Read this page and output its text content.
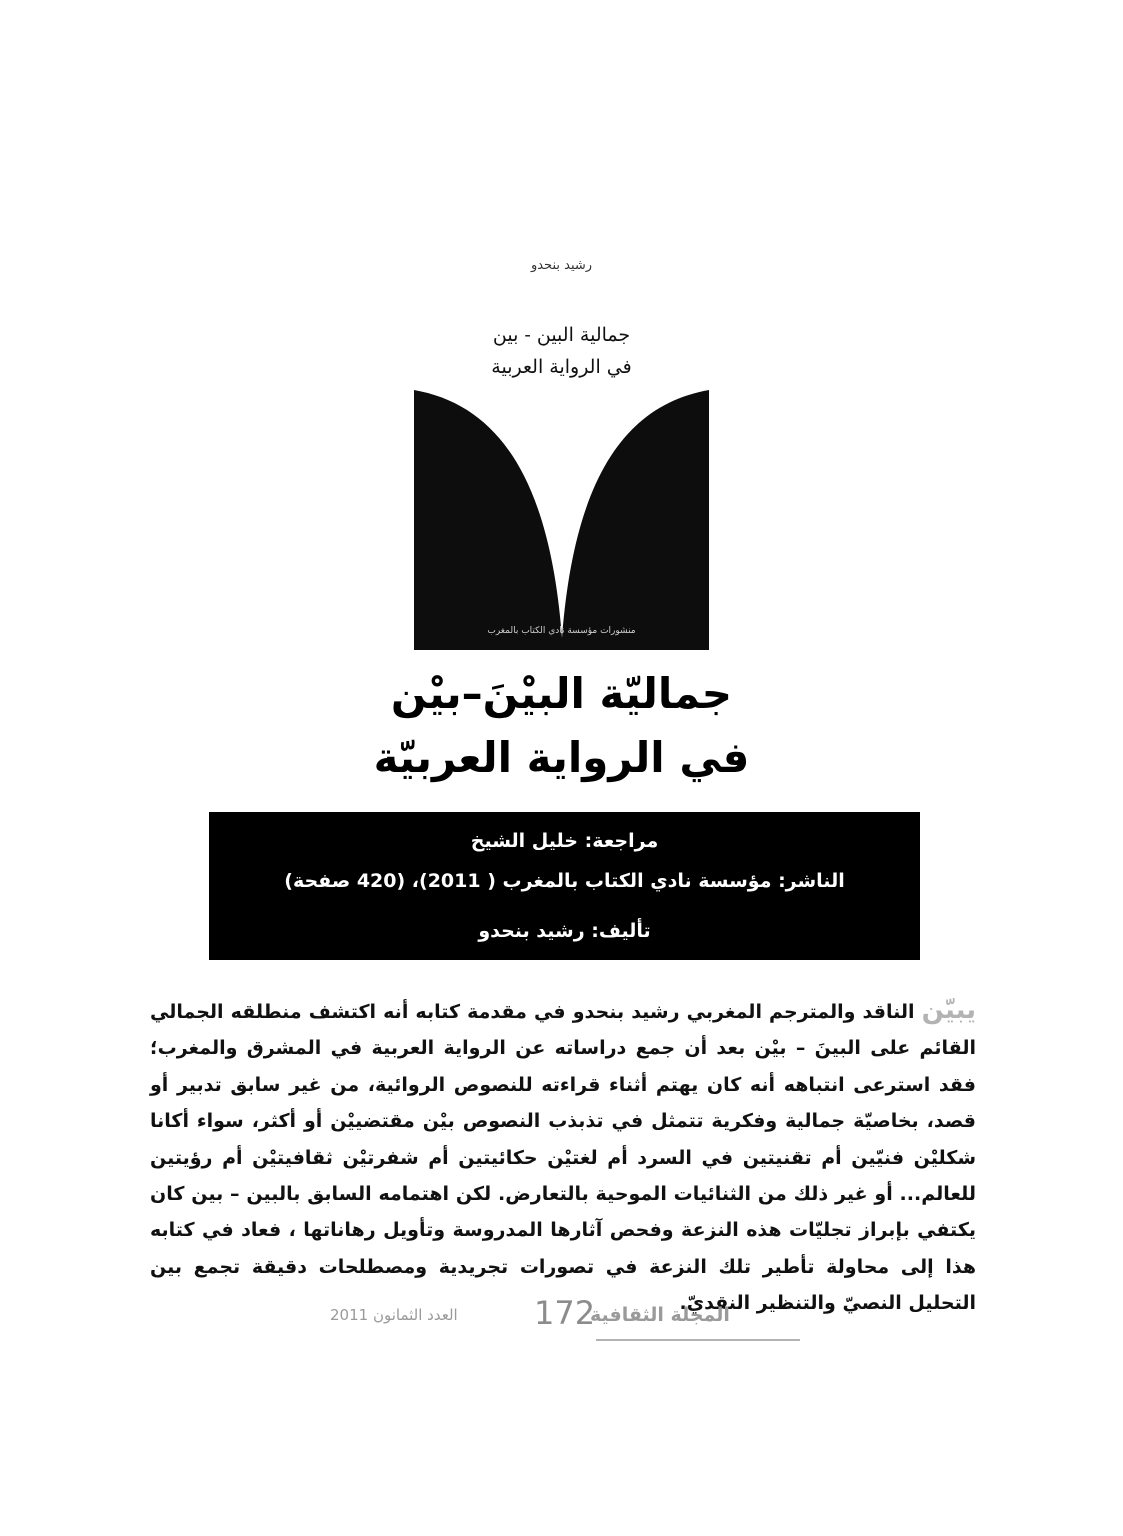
رشيد بنحدو
جمالية البين - بين
في الرواية العربية
منشورات مؤسسة نادي الكتاب بالمغرب
جماليّة البيْنَ–بيْن
في الرواية العربيّة
مراجعة: خليل الشيخ
الناشر: مؤسسة نادي الكتاب بالمغرب ( 2011)، (420 صفحة)
تأليف: رشيد بنحدو
يبيّن الناقد والمترجم المغربي رشيد بنحدو في مقدمة كتابه أنه اكتشف منطلقه الجمالي القائم على البينَ – بيْن بعد أن جمع دراساته عن الرواية العربية في المشرق والمغرب؛ فقد استرعى انتباهه أنه كان يهتم أثناء قراءته للنصوص الروائية، من غير سابق تدبير أو قصد، بخاصيّة جمالية وفكرية تتمثل في تذبذب النصوص بيْن مقتضييْن أو أكثر، سواء أكانا شكليْن فنيّين أم تقنيتين في السرد أم لغتيْن حكائيتين أم شفرتيْن ثقافيتيْن أم رؤيتين للعالم... أو غير ذلك من الثنائيات الموحية بالتعارض. لكن اهتمامه السابق بالبين – بين كان يكتفي بإبراز تجليّات هذه النزعة وفحص آثارها المدروسة وتأويل رهاناتها ، فعاد في كتابه هذا إلى محاولة تأطير تلك النزعة في تصورات تجريدية ومصطلحات دقيقة تجمع بين التحليل النصيّ والتنظير النقديّ.
المجلة الثقافية
172
العدد الثمانون 2011
